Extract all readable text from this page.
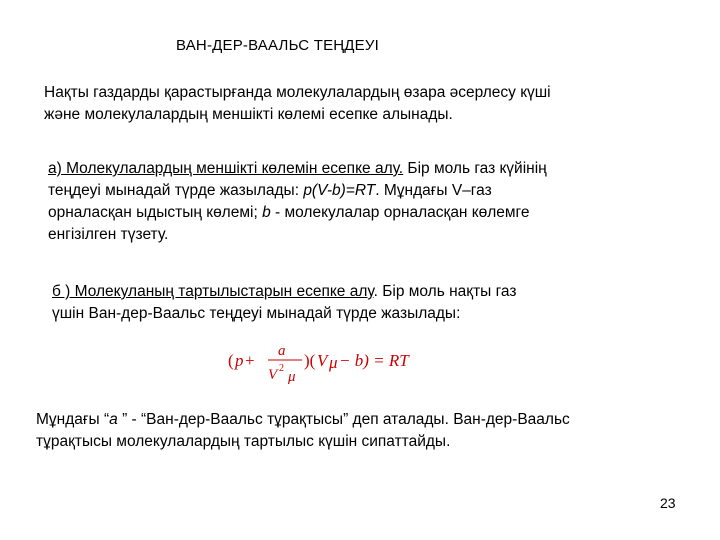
ВАН-ДЕР-ВААЛЬС ТЕҢДЕУІ
Нақты газдарды қарастырғанда молекулалардың өзара әсерлесу күші
және молекулалардың меншікті көлемі есепке алынады.
а) Молекулалардың меншікті көлемін есепке алу. Бір моль газ күйінің
теңдеуі мынадай түрде жазылады: p(V-b)=RT. Мұндағы V–газ
орналасқан ыдыстың көлемі; b - молекулалар орналасқан көлемге
енгізілген түзету.
б ) Молекуланың тартылыстарын есепке алу. Бір моль нақты газ
үшін Ван-дер-Ваальс теңдеуі мынадай түрде жазылады:
( p + a
V 2
μ
)( V μ − b) = RT
Мұндағы “a ” - “Ван-дер-Ваальс тұрақтысы” деп аталады. Ван-дер-Ваальс
тұрақтысы молекулалардың тартылыс күшін сипаттайды.
23
